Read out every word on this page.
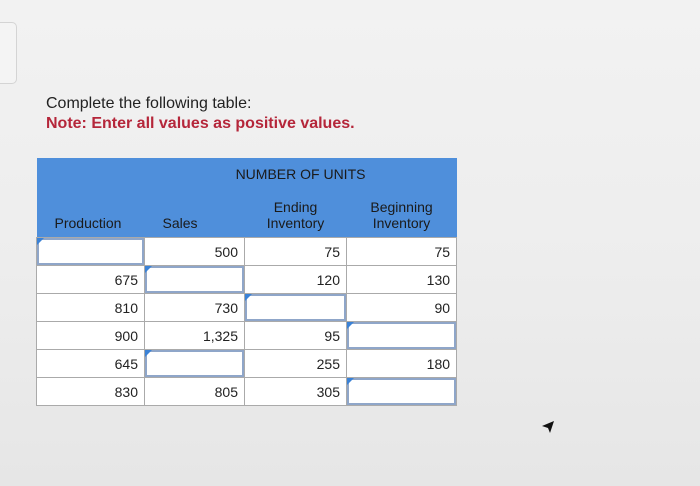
Complete the following table:
Note: Enter all values as positive values.
	NUMBER OF UNITS		
Production	Sales	Ending Inventory	Beginning Inventory
	500	75	75
675		120	130
810	730		90
900	1,325	95	
645		255	180
830	805	305	
